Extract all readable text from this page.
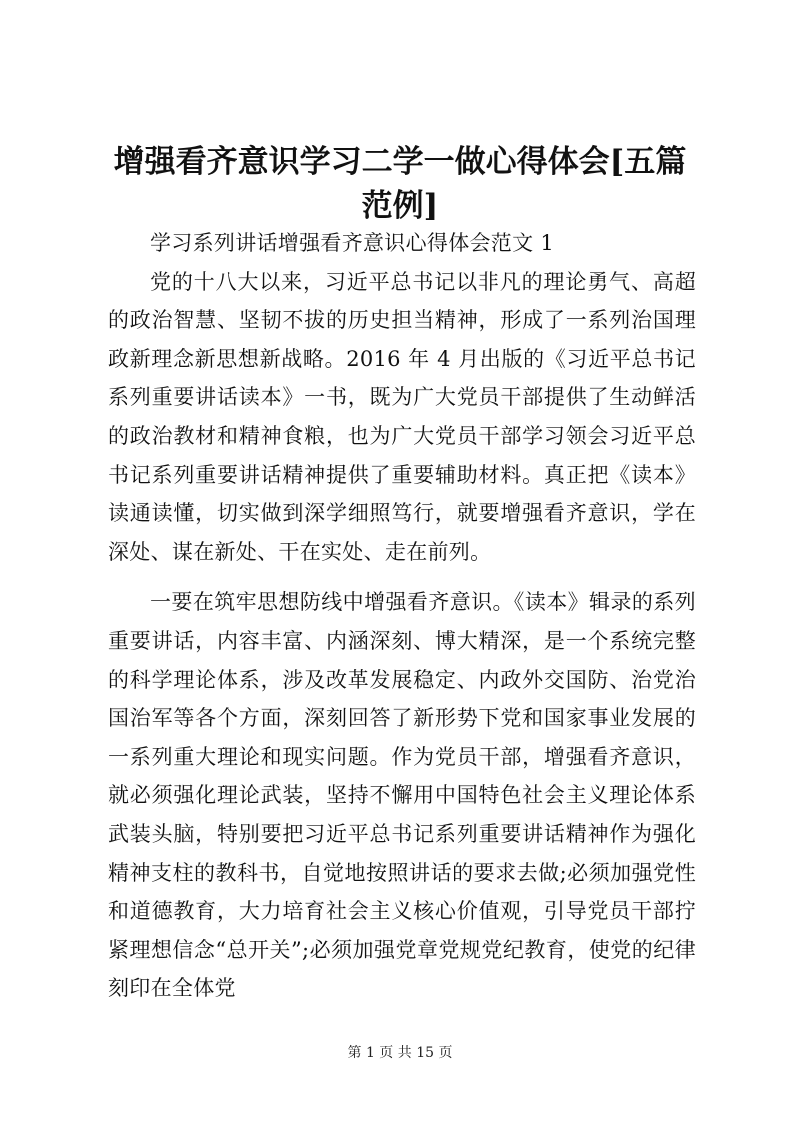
增强看齐意识学习二学一做心得体会[五篇范例]

学习系列讲话增强看齐意识心得体会范文 1

党的十八大以来，习近平总书记以非凡的理论勇气、高超的政治智慧、坚韧不拔的历史担当精神，形成了一系列治国理政新理念新思想新战略。2016 年 4 月出版的《习近平总书记系列重要讲话读本》一书，既为广大党员干部提供了生动鲜活的政治教材和精神食粮，也为广大党员干部学习领会习近平总书记系列重要讲话精神提供了重要辅助材料。真正把《读本》读通读懂，切实做到深学细照笃行，就要增强看齐意识，学在深处、谋在新处、干在实处、走在前列。

一要在筑牢思想防线中增强看齐意识。《读本》辑录的系列重要讲话，内容丰富、内涵深刻、博大精深，是一个系统完整的科学理论体系，涉及改革发展稳定、内政外交国防、治党治国治军等各个方面，深刻回答了新形势下党和国家事业发展的一系列重大理论和现实问题。作为党员干部，增强看齐意识，就必须强化理论武装，坚持不懈用中国特色社会主义理论体系武装头脑，特别要把习近平总书记系列重要讲话精神作为强化精神支柱的教科书，自觉地按照讲话的要求去做;必须加强党性和道德教育，大力培育社会主义核心价值观，引导党员干部拧紧理想信念“总开关”;必须加强党章党规党纪教育，使党的纪律刻印在全体党

第 1 页 共 15 页
